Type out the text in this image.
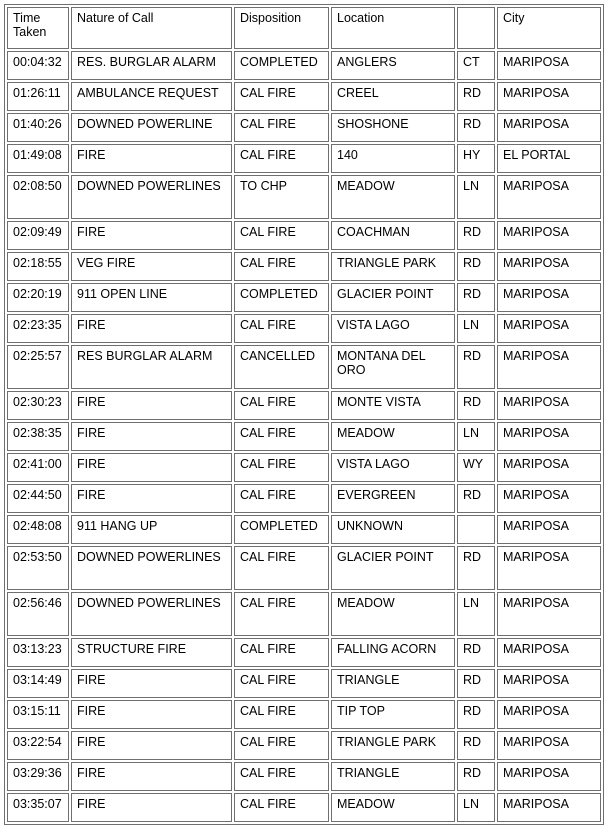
Time Taken	Nature of Call	Disposition	Location		City
00:04:32	RES. BURGLAR ALARM	COMPLETED	ANGLERS	CT	MARIPOSA
01:26:11	AMBULANCE REQUEST	CAL FIRE	CREEL	RD	MARIPOSA
01:40:26	DOWNED POWERLINE	CAL FIRE	SHOSHONE	RD	MARIPOSA
01:49:08	FIRE	CAL FIRE	140	HY	EL PORTAL
02:08:50	DOWNED POWERLINES	TO CHP	MEADOW	LN	MARIPOSA
02:09:49	FIRE	CAL FIRE	COACHMAN	RD	MARIPOSA
02:18:55	VEG FIRE	CAL FIRE	TRIANGLE PARK	RD	MARIPOSA
02:20:19	911 OPEN LINE	COMPLETED	GLACIER POINT	RD	MARIPOSA
02:23:35	FIRE	CAL FIRE	VISTA LAGO	LN	MARIPOSA
02:25:57	RES BURGLAR ALARM	CANCELLED	MONTANA DEL ORO	RD	MARIPOSA
02:30:23	FIRE	CAL FIRE	MONTE VISTA	RD	MARIPOSA
02:38:35	FIRE	CAL FIRE	MEADOW	LN	MARIPOSA
02:41:00	FIRE	CAL FIRE	VISTA LAGO	WY	MARIPOSA
02:44:50	FIRE	CAL FIRE	EVERGREEN	RD	MARIPOSA
02:48:08	911 HANG UP	COMPLETED	UNKNOWN		MARIPOSA
02:53:50	DOWNED POWERLINES	CAL FIRE	GLACIER POINT	RD	MARIPOSA
02:56:46	DOWNED POWERLINES	CAL FIRE	MEADOW	LN	MARIPOSA
03:13:23	STRUCTURE FIRE	CAL FIRE	FALLING ACORN	RD	MARIPOSA
03:14:49	FIRE	CAL FIRE	TRIANGLE	RD	MARIPOSA
03:15:11	FIRE	CAL FIRE	TIP TOP	RD	MARIPOSA
03:22:54	FIRE	CAL FIRE	TRIANGLE PARK	RD	MARIPOSA
03:29:36	FIRE	CAL FIRE	TRIANGLE	RD	MARIPOSA
03:35:07	FIRE	CAL FIRE	MEADOW	LN	MARIPOSA
